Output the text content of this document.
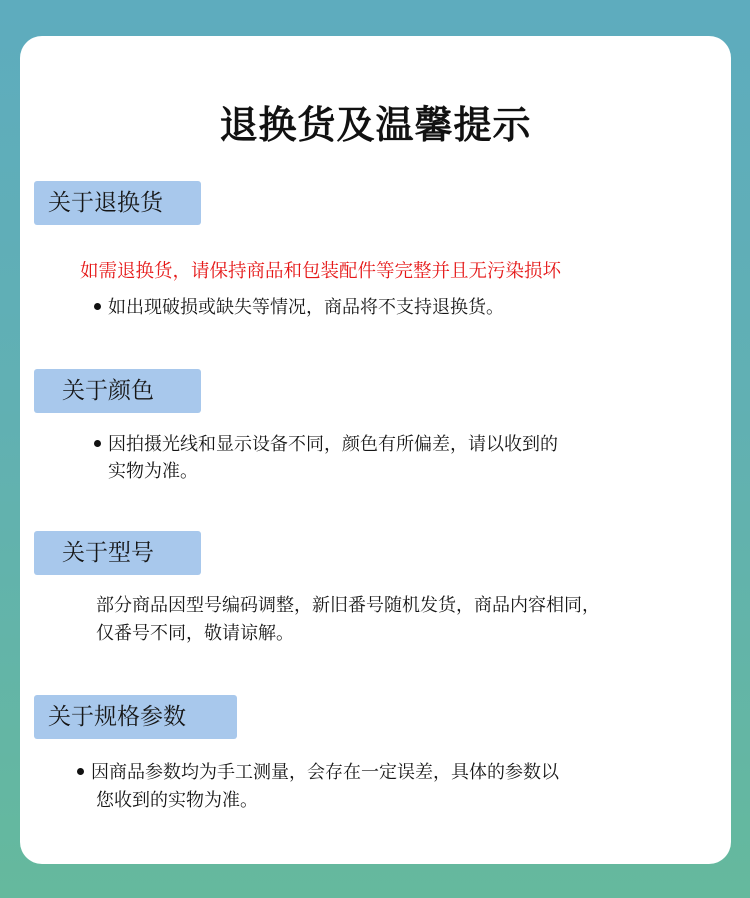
退换货及温馨提示
关于退换货
如需退换货，请保持商品和包装配件等完整并且无污染损坏
如出现破损或缺失等情况，商品将不支持退换货。
关于颜色
因拍摄光线和显示设备不同，颜色有所偏差，请以收到的
实物为准。
关于型号
部分商品因型号编码调整，新旧番号随机发货，商品内容相同，
仅番号不同，敬请谅解。
关于规格参数
因商品参数均为手工测量，会存在一定误差，具体的参数以
您收到的实物为准。
